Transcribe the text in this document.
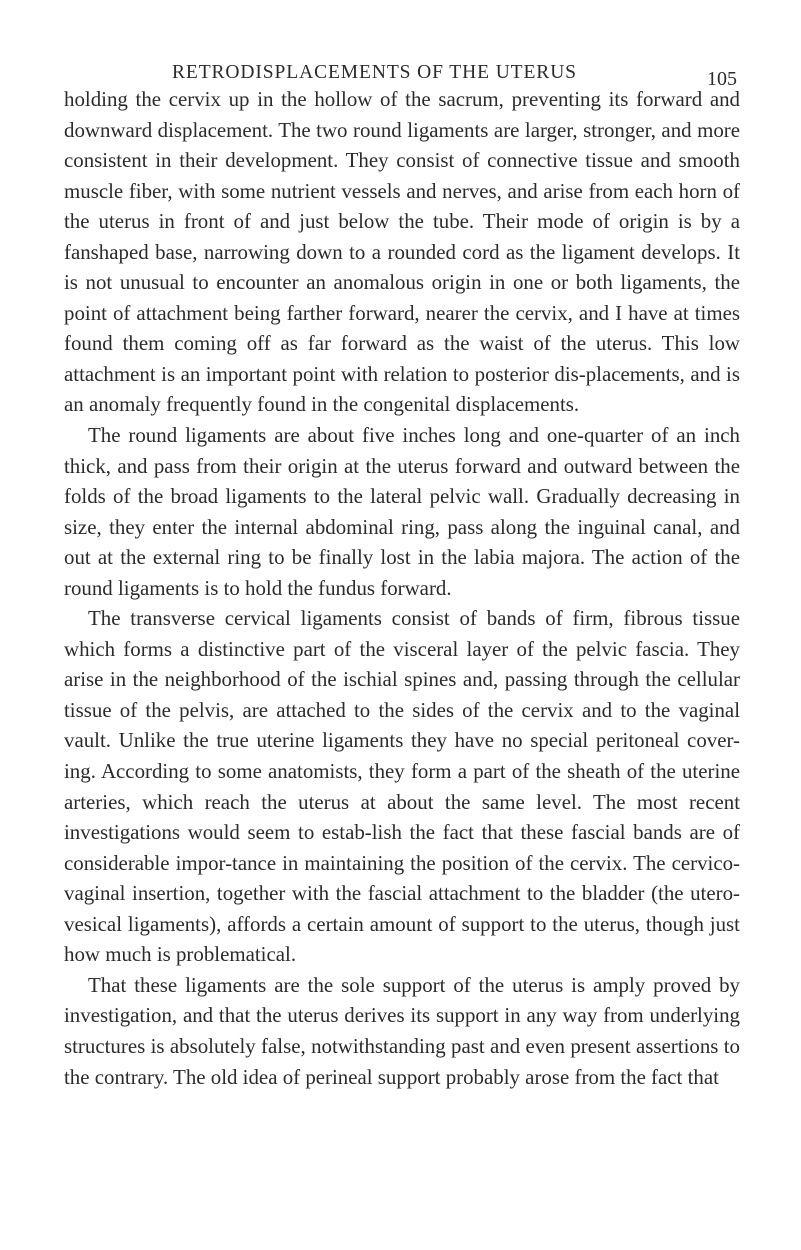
RETRODISPLACEMENTS OF THE UTERUS	105

holding the cervix up in the hollow of the sacrum, preventing its forward and downward displacement. The two round ligaments are larger, stronger, and more consistent in their development. They consist of connective tissue and smooth muscle fiber, with some nutrient vessels and nerves, and arise from each horn of the uterus in front of and just below the tube. Their mode of origin is by a fanshaped base, narrowing down to a rounded cord as the ligament develops. It is not unusual to encounter an anomalous origin in one or both ligaments, the point of attachment being farther forward, nearer the cervix, and I have at times found them coming off as far forward as the waist of the uterus. This low attachment is an important point with relation to posterior dis-placements, and is an anomaly frequently found in the congenital displacements.

The round ligaments are about five inches long and one-quarter of an inch thick, and pass from their origin at the uterus forward and outward between the folds of the broad ligaments to the lateral pelvic wall. Gradually decreasing in size, they enter the internal abdominal ring, pass along the inguinal canal, and out at the external ring to be finally lost in the labia majora. The action of the round ligaments is to hold the fundus forward.

The transverse cervical ligaments consist of bands of firm, fibrous tissue which forms a distinctive part of the visceral layer of the pelvic fascia. They arise in the neighborhood of the ischial spines and, passing through the cellular tissue of the pelvis, are attached to the sides of the cervix and to the vaginal vault. Unlike the true uterine ligaments they have no special peritoneal cover-ing. According to some anatomists, they form a part of the sheath of the uterine arteries, which reach the uterus at about the same level. The most recent investigations would seem to estab-lish the fact that these fascial bands are of considerable impor-tance in maintaining the position of the cervix. The cervico-vaginal insertion, together with the fascial attachment to the bladder (the utero-vesical ligaments), affords a certain amount of support to the uterus, though just how much is problematical.

That these ligaments are the sole support of the uterus is amply proved by investigation, and that the uterus derives its support in any way from underlying structures is absolutely false, notwithstanding past and even present assertions to the contrary. The old idea of perineal support probably arose from the fact that
